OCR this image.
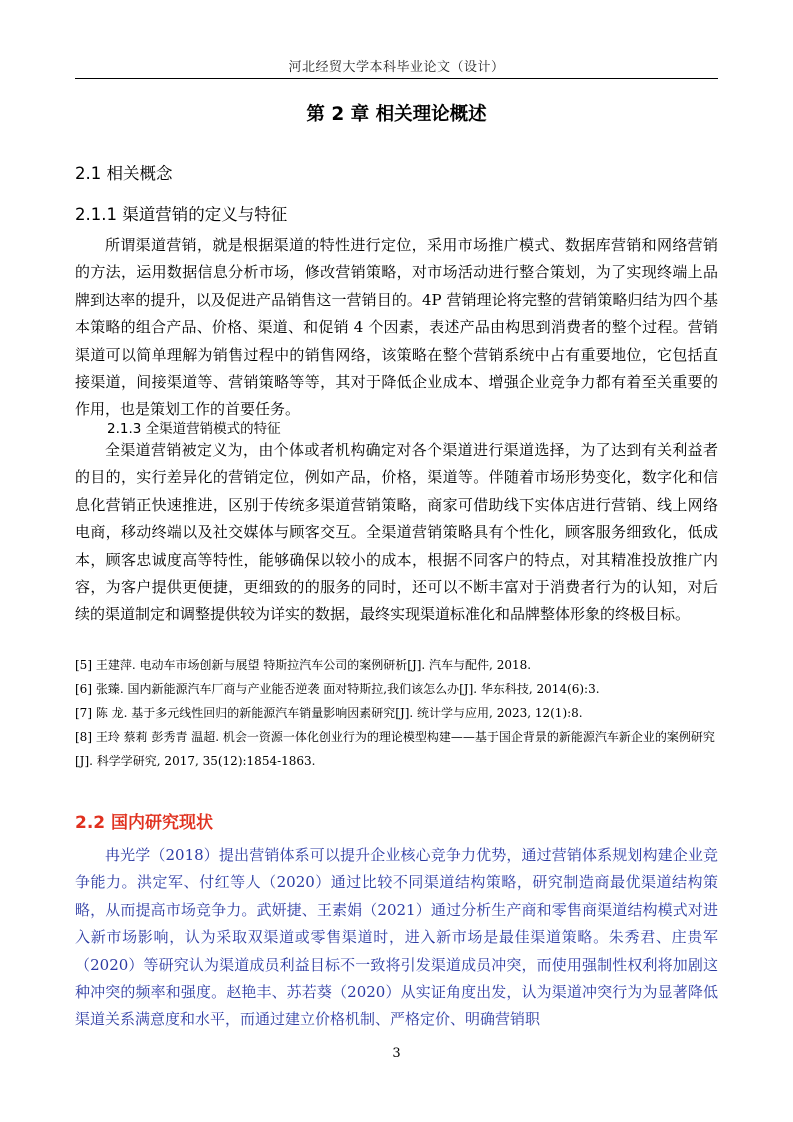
河北经贸大学本科毕业论文（设计）
第 2 章 相关理论概述
2.1 相关概念
2.1.1 渠道营销的定义与特征

所谓渠道营销，就是根据渠道的特性进行定位，采用市场推广模式、数据库营销和网络营销的方法，运用数据信息分析市场，修改营销策略，对市场活动进行整合策划，为了实现终端上品牌到达率的提升，以及促进产品销售这一营销目的。4P 营销理论将完整的营销策略归结为四个基本策略的组合产品、价格、渠道、和促销 4 个因素，表述产品由构思到消费者的整个过程。营销渠道可以简单理解为销售过程中的销售网络，该策略在整个营销系统中占有重要地位，它包括直接渠道，间接渠道等、营销策略等等，其对于降低企业成本、增强企业竞争力都有着至关重要的作用，也是策划工作的首要任务。

2.1.3 全渠道营销模式的特征

全渠道营销被定义为，由个体或者机构确定对各个渠道进行渠道选择，为了达到有关利益者的目的，实行差异化的营销定位，例如产品，价格，渠道等。伴随着市场形势变化，数字化和信息化营销正快速推进，区别于传统多渠道营销策略，商家可借助线下实体店进行营销、线上网络电商，移动终端以及社交媒体与顾客交互。全渠道营销策略具有个性化，顾客服务细致化，低成本，顾客忠诚度高等特性，能够确保以较小的成本，根据不同客户的特点，对其精准投放推广内容，为客户提供更便捷，更细致的的服务的同时，还可以不断丰富对于消费者行为的认知，对后续的渠道制定和调整提供较为详实的数据，最终实现渠道标准化和品牌整体形象的终极目标。

[5] 王建萍. 电动车市场创新与展望 特斯拉汽车公司的案例研析[J]. 汽车与配件, 2018.
[6] 张臻. 国内新能源汽车厂商与产业能否逆袭 面对特斯拉,我们该怎么办[J]. 华东科技, 2014(6):3.
[7] 陈 龙. 基于多元线性回归的新能源汽车销量影响因素研究[J]. 统计学与应用, 2023, 12(1):8.
[8] 王玲 蔡莉 彭秀青 温超. 机会一资源一体化创业行为的理论模型构建——基于国企背景的新能源汽车新企业的案例研究[J]. 科学学研究, 2017, 35(12):1854-1863.
2.2 国内研究现状

冉光学（2018）提出营销体系可以提升企业核心竞争力优势，通过营销体系规划构建企业竞争能力。洪定军、付红等人（2020）通过比较不同渠道结构策略，研究制造商最优渠道结构策略，从而提高市场竞争力。武妍捷、王素娟（2021）通过分析生产商和零售商渠道结构模式对进入新市场影响，认为采取双渠道或零售渠道时，进入新市场是最佳渠道策略。朱秀君、庄贵军（2020）等研究认为渠道成员利益目标不一致将引发渠道成员冲突，而使用强制性权利将加剧这种冲突的频率和强度。赵艳丰、苏若葵（2020）从实证角度出发，认为渠道冲突行为为显著降低渠道关系满意度和水平，而通过建立价格机制、严格定价、明确营销职

3
